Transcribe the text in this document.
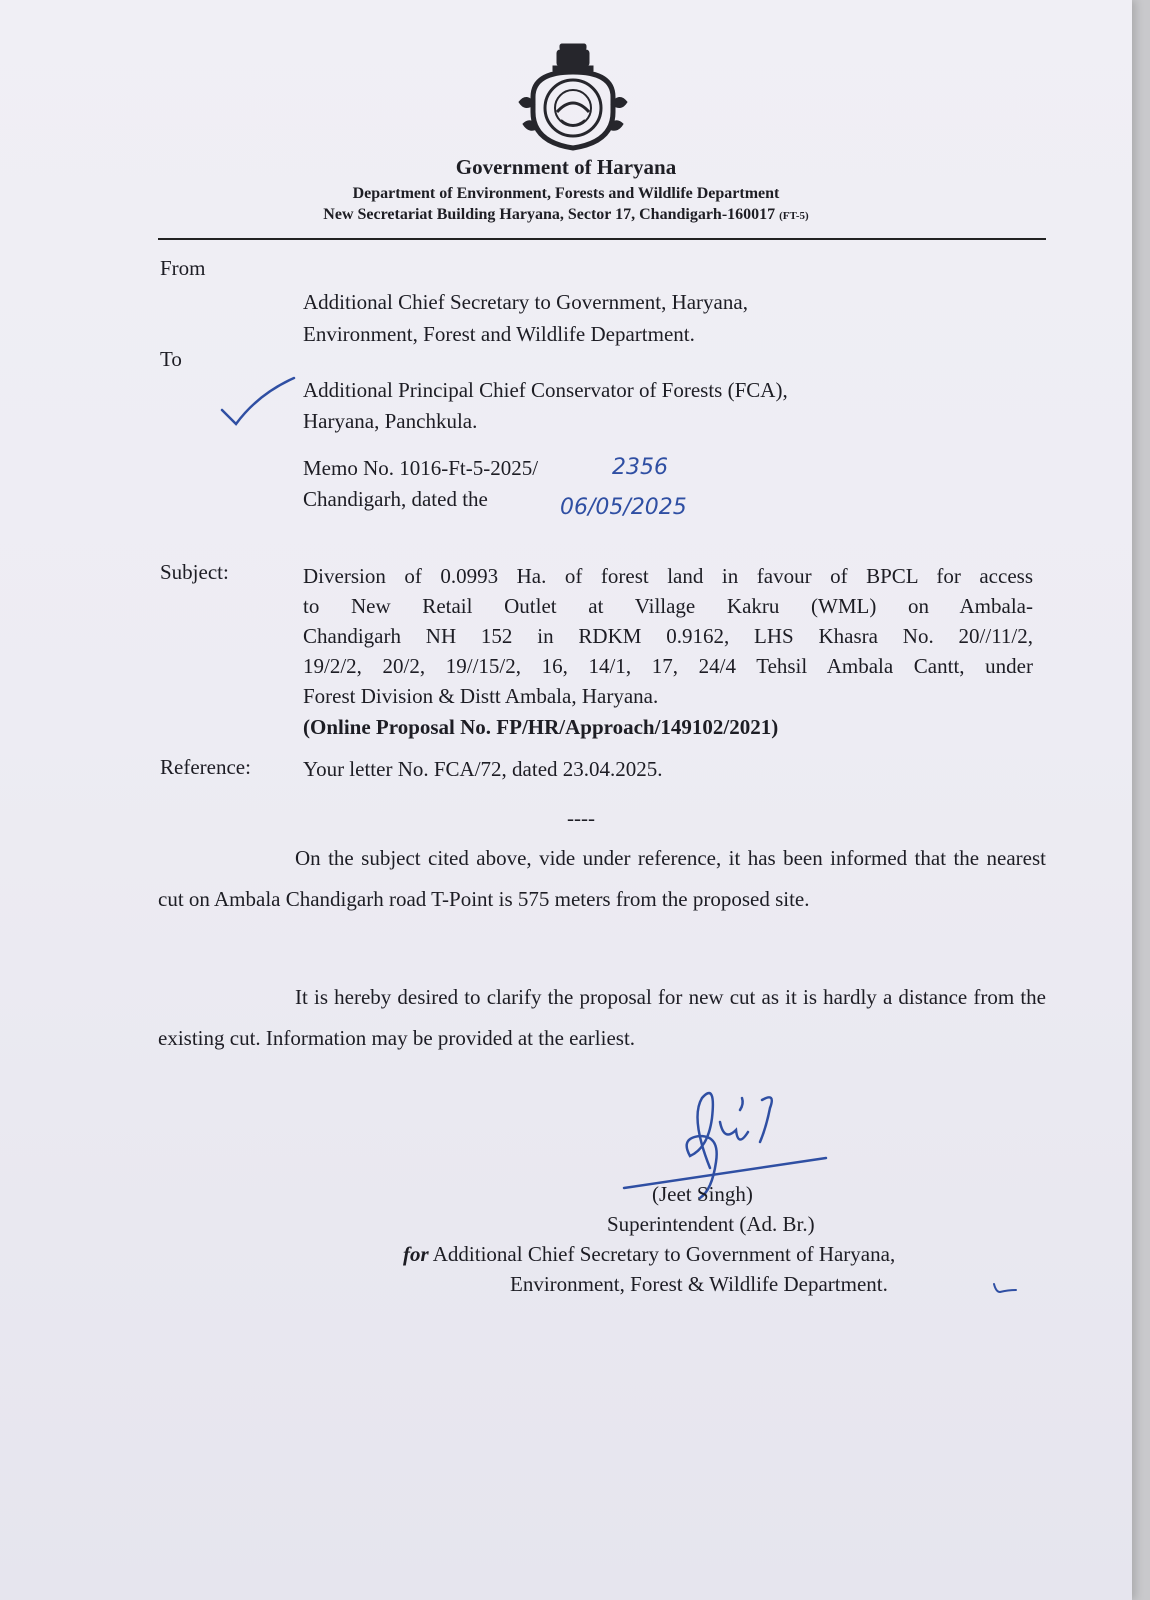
Government of Haryana
Department of Environment, Forests and Wildlife Department
New Secretariat Building Haryana, Sector 17, Chandigarh-160017 (FT-5)
From
Additional Chief Secretary to Government, Haryana,
Environment, Forest and Wildlife Department.
To
Additional Principal Chief Conservator of Forests (FCA),
Haryana, Panchkula.
Memo No. 1016-Ft-5-2025/	2356
Chandigarh, dated the	06/05/2025
Subject:	Diversion of 0.0993 Ha. of forest land in favour of BPCL for access
to New Retail Outlet at Village Kakru (WML) on Ambala-
Chandigarh NH 152 in RDKM 0.9162, LHS Khasra No. 20//11/2,
19/2/2, 20/2, 19//15/2, 16, 14/1, 17, 24/4 Tehsil Ambala Cantt, under
Forest Division & Distt Ambala, Haryana.
(Online Proposal No. FP/HR/Approach/149102/2021)
Reference: Your letter No. FCA/72, dated 23.04.2025.
----
On the subject cited above, vide under reference, it has been informed that the nearest cut on Ambala Chandigarh road T-Point is 575 meters from the proposed site.
It is hereby desired to clarify the proposal for new cut as it is hardly a distance from the existing cut. Information may be provided at the earliest.
(Jeet Singh)
Superintendent (Ad. Br.)
for Additional Chief Secretary to Government of Haryana,
Environment, Forest & Wildlife Department.
